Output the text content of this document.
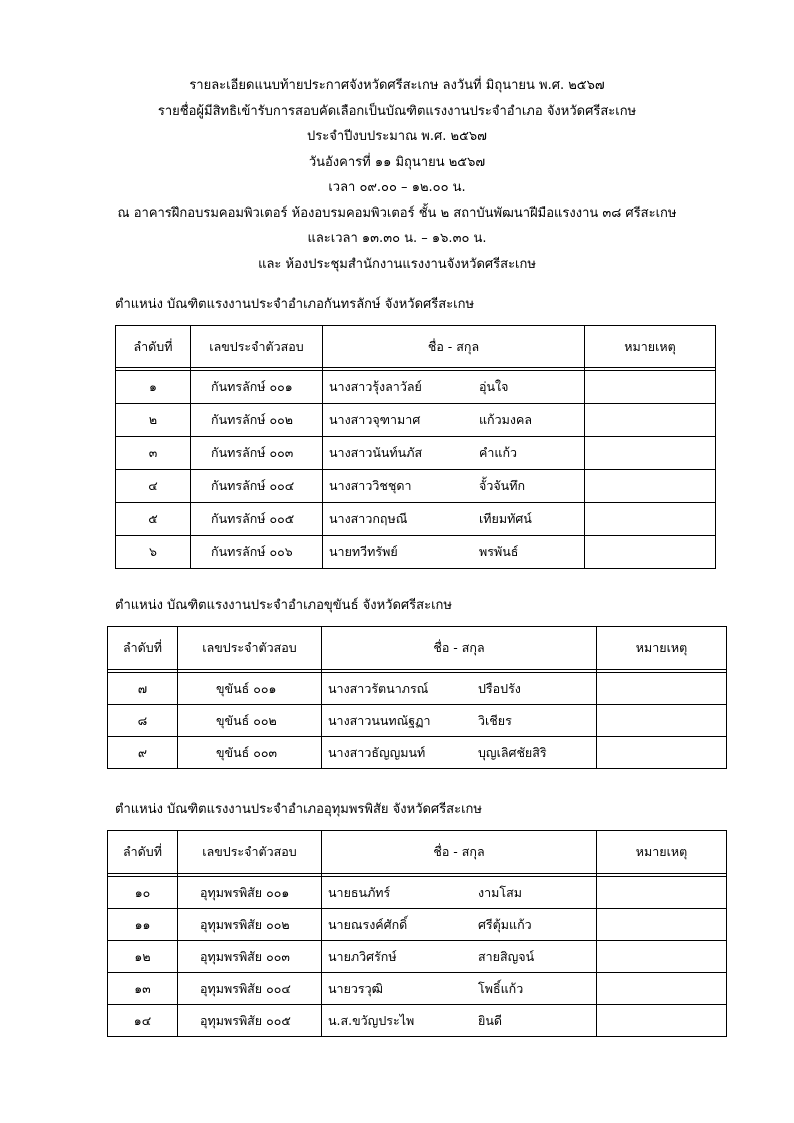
รายละเอียดแนบท้ายประกาศจังหวัดศรีสะเกษ ลงวันที่ มิถุนายน พ.ศ. ๒๕๖๗
รายชื่อผู้มีสิทธิเข้ารับการสอบคัดเลือกเป็นบัณฑิตแรงงานประจำอำเภอ จังหวัดศรีสะเกษ
ประจำปีงบประมาณ พ.ศ. ๒๕๖๗
วันอังคารที่ ๑๑ มิถุนายน ๒๕๖๗
เวลา ๐๙.๐๐ – ๑๒.๐๐ น.
ณ อาคารฝึกอบรมคอมพิวเตอร์ ห้องอบรมคอมพิวเตอร์ ชั้น ๒ สถาบันพัฒนาฝีมือแรงงาน ๓๘ ศรีสะเกษ
และเวลา ๑๓.๓๐ น. – ๑๖.๓๐ น.
และ ห้องประชุมสำนักงานแรงงานจังหวัดศรีสะเกษ
ตำแหน่ง บัณฑิตแรงงานประจำอำเภอกันทรลักษ์ จังหวัดศรีสะเกษ
ลำดับที่	เลขประจำตัวสอบ	ชื่อ - สกุล	หมายเหตุ

๑	กันทรลักษ์ ๐๐๑	นางสาวรุ้งลาวัลย์ อุ่นใจ	
๒	กันทรลักษ์ ๐๐๒	นางสาวจุฑามาศ แก้วมงคล	
๓	กันทรลักษ์ ๐๐๓	นางสาวนันท์นภัส คำแก้ว	
๔	กันทรลักษ์ ๐๐๔	นางสาววิชชุดา จั้วจันทึก	
๕	กันทรลักษ์ ๐๐๕	นางสาวกฤษณี เทียมทัศน์	
๖	กันทรลักษ์ ๐๐๖	นายทวีทรัพย์ พรพันธ์	
ตำแหน่ง บัณฑิตแรงงานประจำอำเภอขุขันธ์ จังหวัดศรีสะเกษ
ลำดับที่	เลขประจำตัวสอบ	ชื่อ - สกุล	หมายเหตุ

๗	ขุขันธ์ ๐๐๑	นางสาวรัตนาภรณ์ ปรือปรัง	
๘	ขุขันธ์ ๐๐๒	นางสาวนนทณัฐฏา วิเชียร	
๙	ขุขันธ์ ๐๐๓	นางสาวธัญญมนท์ บุญเลิศชัยสิริ	
ตำแหน่ง บัณฑิตแรงงานประจำอำเภออุทุมพรพิสัย จังหวัดศรีสะเกษ
ลำดับที่	เลขประจำตัวสอบ	ชื่อ - สกุล	หมายเหตุ

๑๐	อุทุมพรพิสัย ๐๐๑	นายธนภัทร์ งามโสม	
๑๑	อุทุมพรพิสัย ๐๐๒	นายณรงค์ศักดิ์ ศรีตุ้มแก้ว	
๑๒	อุทุมพรพิสัย ๐๐๓	นายภวิศรักษ์ สายสิญจน์	
๑๓	อุทุมพรพิสัย ๐๐๔	นายวรวุฒิ โพธิ์แก้ว	
๑๔	อุทุมพรพิสัย ๐๐๕	น.ส.ขวัญประไพ ยินดี	
